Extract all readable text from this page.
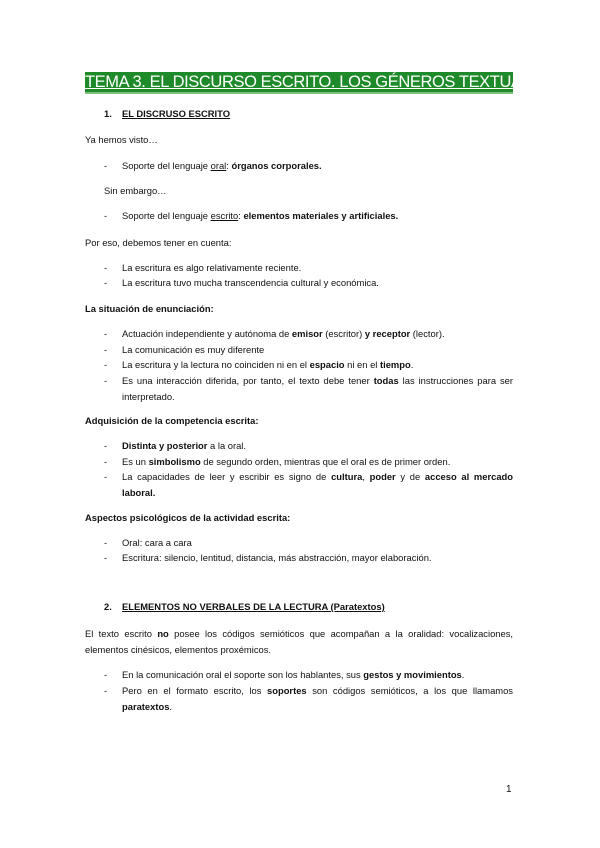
TEMA 3. EL DISCURSO ESCRITO. LOS GÉNEROS TEXTUALES
1. EL DISCRUSO ESCRITO
Ya hemos visto…
- Soporte del lenguaje oral: órganos corporales.
Sin embargo…
- Soporte del lenguaje escrito: elementos materiales y artificiales.
Por eso, debemos tener en cuenta:
- La escritura es algo relativamente reciente.
- La escritura tuvo mucha transcendencia cultural y económica.
La situación de enunciación:
- Actuación independiente y autónoma de emisor (escritor) y receptor (lector).
- La comunicación es muy diferente
- La escritura y la lectura no coinciden ni en el espacio ni en el tiempo.
- Es una interacción diferida, por tanto, el texto debe tener todas las instrucciones para ser interpretado.
Adquisición de la competencia escrita:
- Distinta y posterior a la oral.
- Es un simbolismo de segundo orden, mientras que el oral es de primer orden.
- La capacidades de leer y escribir es signo de cultura, poder y de acceso al mercado laboral.
Aspectos psicológicos de la actividad escrita:
- Oral: cara a cara
- Escritura: silencio, lentitud, distancia, más abstracción, mayor elaboración.
2. ELEMENTOS NO VERBALES DE LA LECTURA (Paratextos)
El texto escrito no posee los códigos semióticos que acompañan a la oralidad: vocalizaciones, elementos cinésicos, elementos proxémicos.
- En la comunicación oral el soporte son los hablantes, sus gestos y movimientos.
- Pero en el formato escrito, los soportes son códigos semióticos, a los que llamamos paratextos.
1
